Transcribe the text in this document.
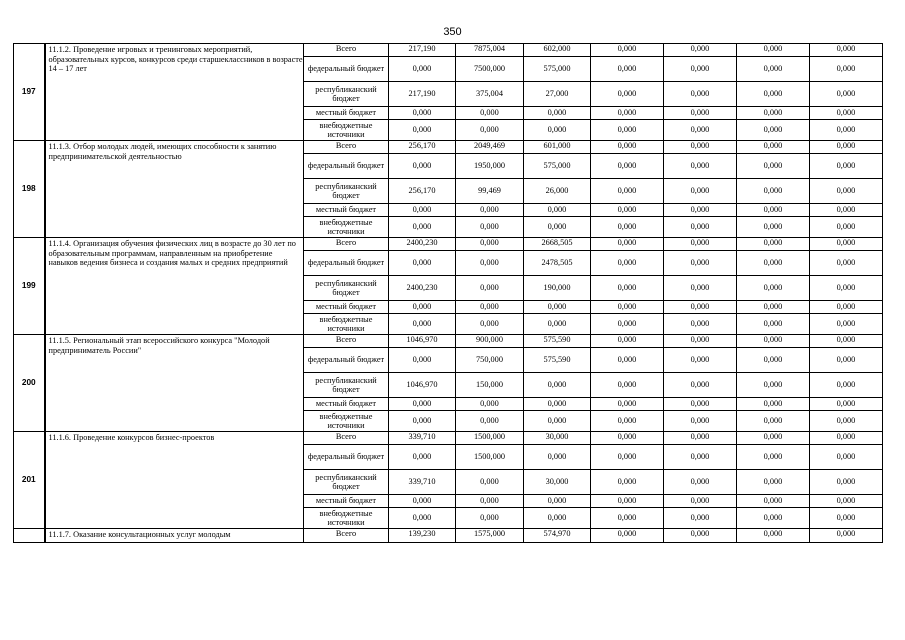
350
197	11.1.2. Проведение игровых и тренинговых мероприятий, образовательных курсов, конкурсов среди старшеклассников в возрасте 14 – 17 лет	Всего	217,190	7875,004	602,000	0,000	0,000	0,000	0,000
		федеральный бюджет	0,000	7500,000	575,000	0,000	0,000	0,000	0,000
		республиканский бюджет	217,190	375,004	27,000	0,000	0,000	0,000	0,000
		местный бюджет	0,000	0,000	0,000	0,000	0,000	0,000	0,000
		внебюджетные источники	0,000	0,000	0,000	0,000	0,000	0,000	0,000
198	11.1.3. Отбор молодых людей, имеющих способности к занятию предпринимательской деятельностью	Всего	256,170	2049,469	601,000	0,000	0,000	0,000	0,000
		федеральный бюджет	0,000	1950,000	575,000	0,000	0,000	0,000	0,000
		республиканский бюджет	256,170	99,469	26,000	0,000	0,000	0,000	0,000
		местный бюджет	0,000	0,000	0,000	0,000	0,000	0,000	0,000
		внебюджетные источники	0,000	0,000	0,000	0,000	0,000	0,000	0,000
199	11.1.4. Организация обучения физических лиц в возрасте до 30 лет по образовательным программам, направленным на приобретение навыков ведения бизнеса и создания малых и средних предприятий	Всего	2400,230	0,000	2668,505	0,000	0,000	0,000	0,000
		федеральный бюджет	0,000	0,000	2478,505	0,000	0,000	0,000	0,000
		республиканский бюджет	2400,230	0,000	190,000	0,000	0,000	0,000	0,000
		местный бюджет	0,000	0,000	0,000	0,000	0,000	0,000	0,000
		внебюджетные источники	0,000	0,000	0,000	0,000	0,000	0,000	0,000
200	11.1.5. Региональный этап всероссийского конкурса "Молодой предприниматель России"	Всего	1046,970	900,000	575,590	0,000	0,000	0,000	0,000
		федеральный бюджет	0,000	750,000	575,590	0,000	0,000	0,000	0,000
		республиканский бюджет	1046,970	150,000	0,000	0,000	0,000	0,000	0,000
		местный бюджет	0,000	0,000	0,000	0,000	0,000	0,000	0,000
		внебюджетные источники	0,000	0,000	0,000	0,000	0,000	0,000	0,000
201	11.1.6. Проведение конкурсов бизнес-проектов	Всего	339,710	1500,000	30,000	0,000	0,000	0,000	0,000
		федеральный бюджет	0,000	1500,000	0,000	0,000	0,000	0,000	0,000
		республиканский бюджет	339,710	0,000	30,000	0,000	0,000	0,000	0,000
		местный бюджет	0,000	0,000	0,000	0,000	0,000	0,000	0,000
		внебюджетные источники	0,000	0,000	0,000	0,000	0,000	0,000	0,000
	11.1.7. Оказание консультационных услуг молодым	Всего	139,230	1575,000	574,970	0,000	0,000	0,000	0,000
